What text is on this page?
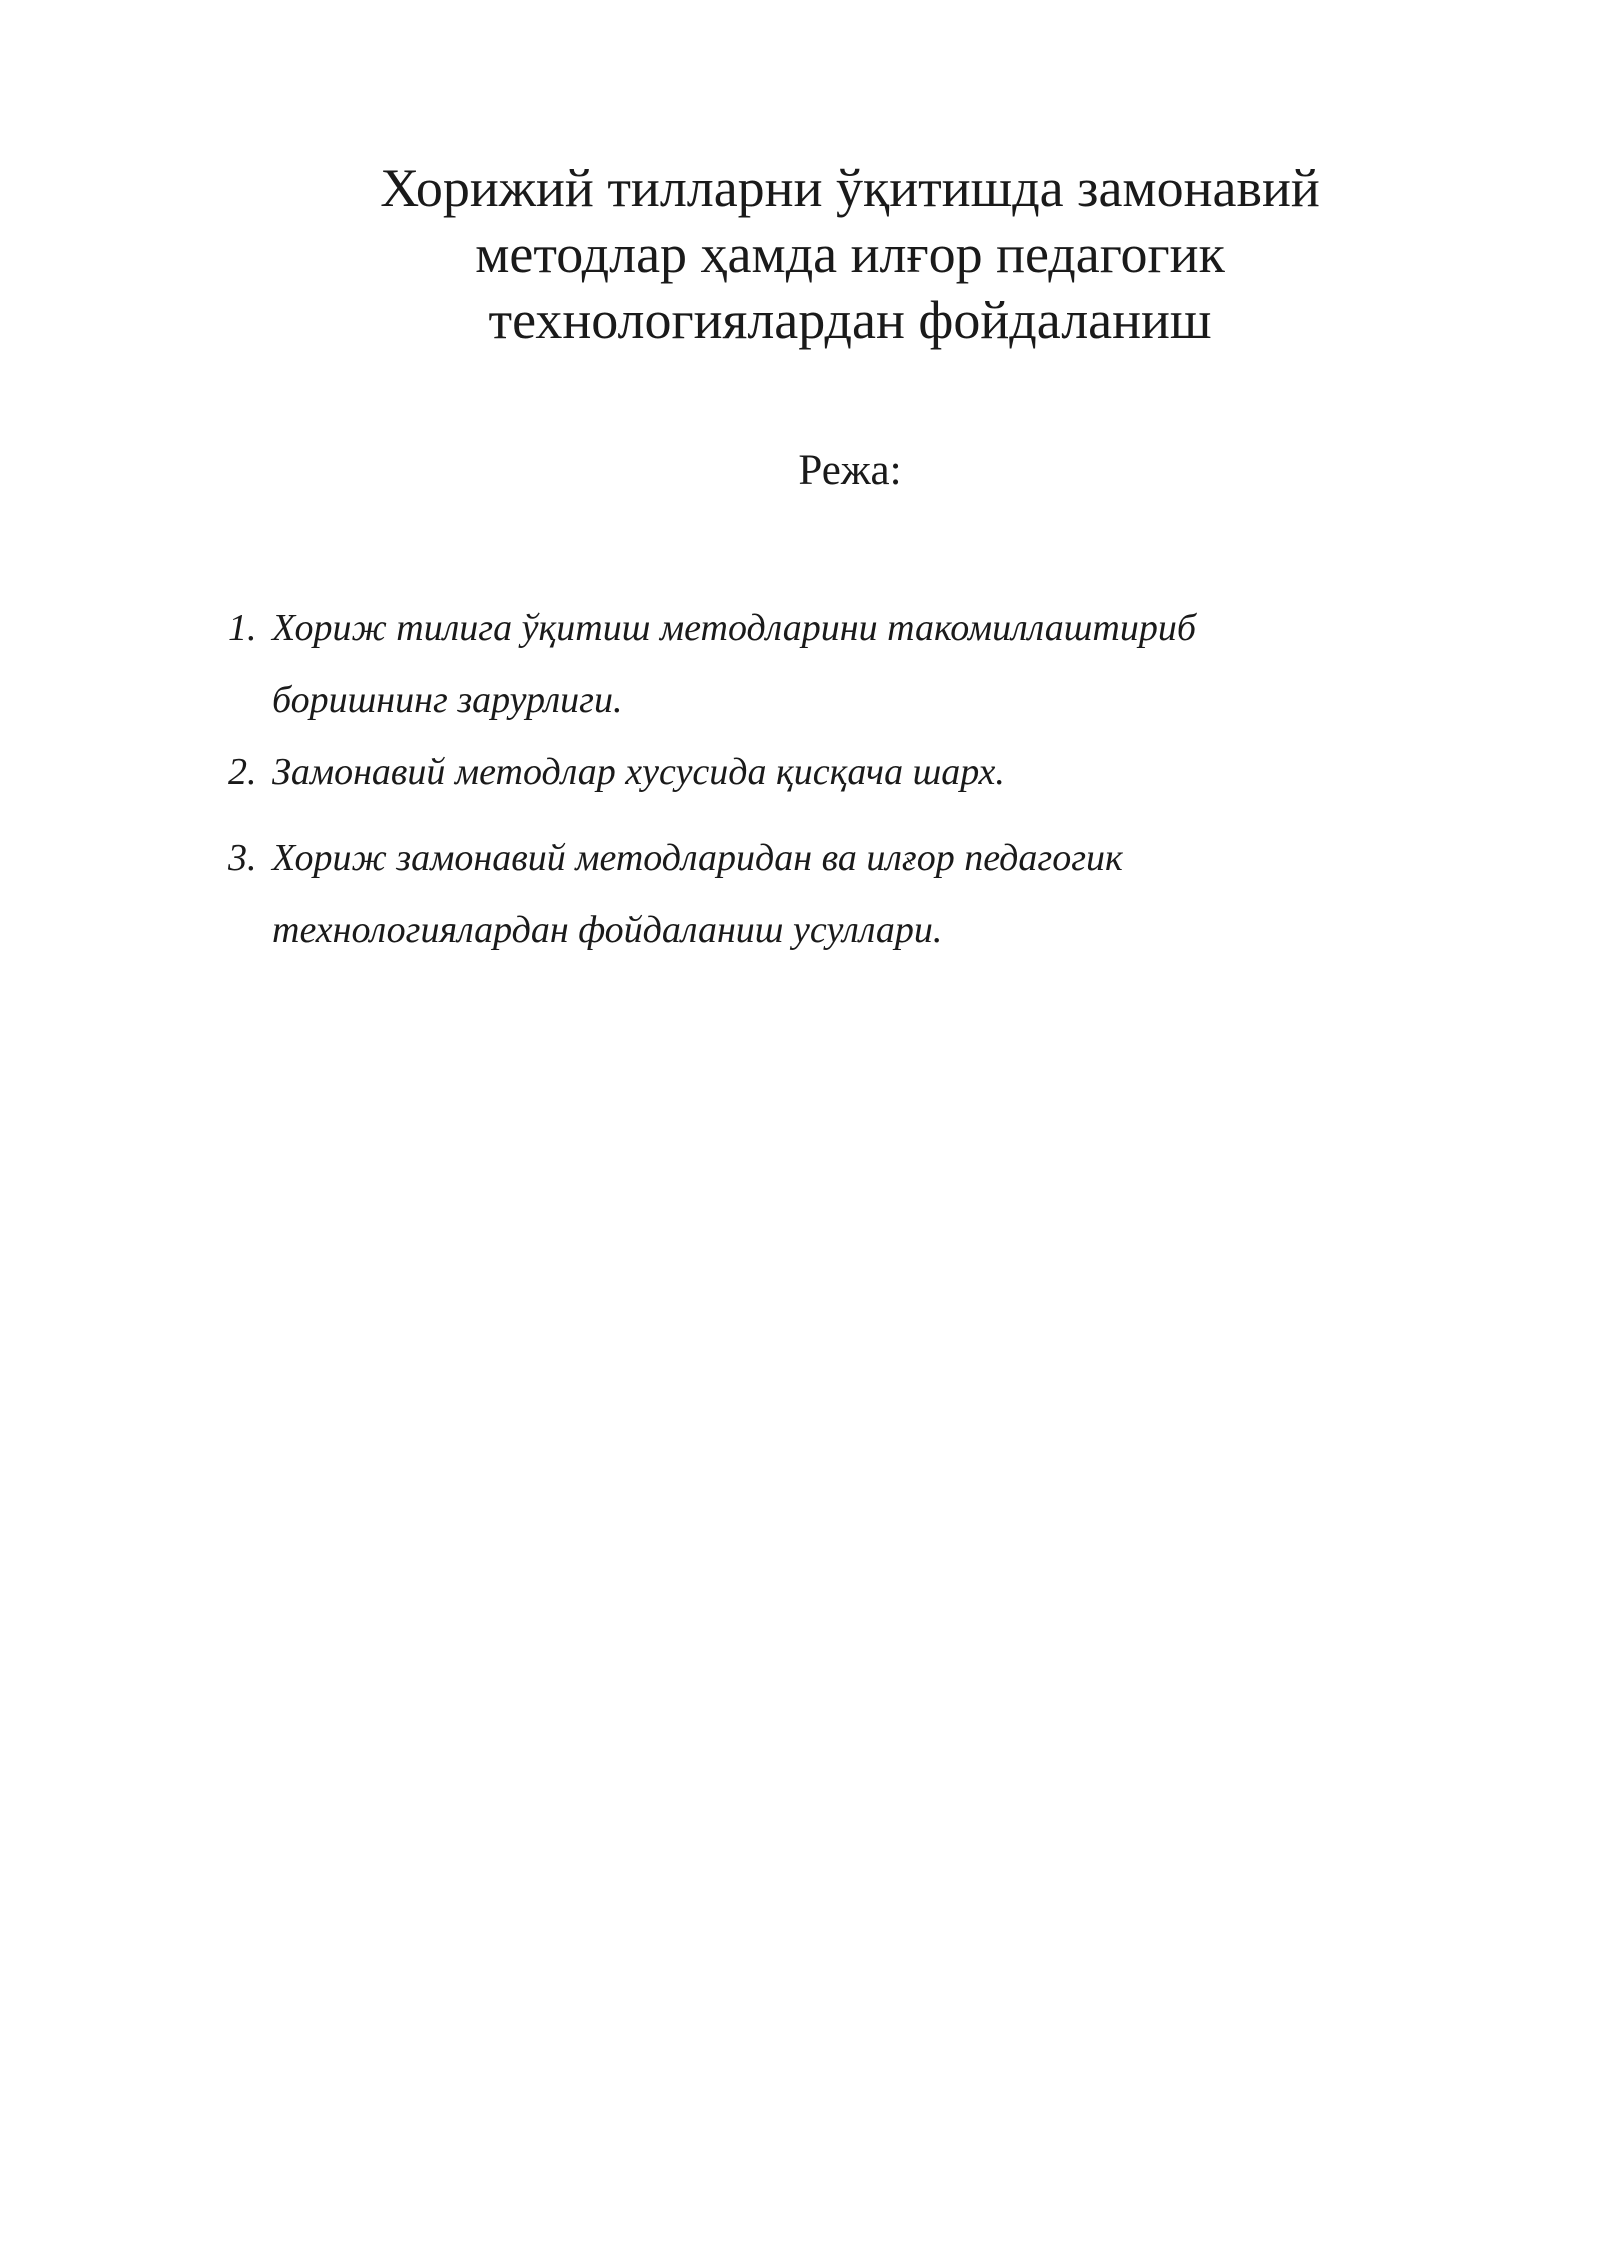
Хорижий тилларни ўқитишда замонавий
методлар ҳамда илғор педагогик
технологиялардан фойдаланиш
Режа:
1. Хориж тилига ўқитиш методларини такомиллаштириб
боришнинг зарурлиги.
2. Замонавий методлар хусусида қисқача шарх.
3. Хориж замонавий методларидан ва илғор педагогик
технологиялардан фойдаланиш усуллари.
